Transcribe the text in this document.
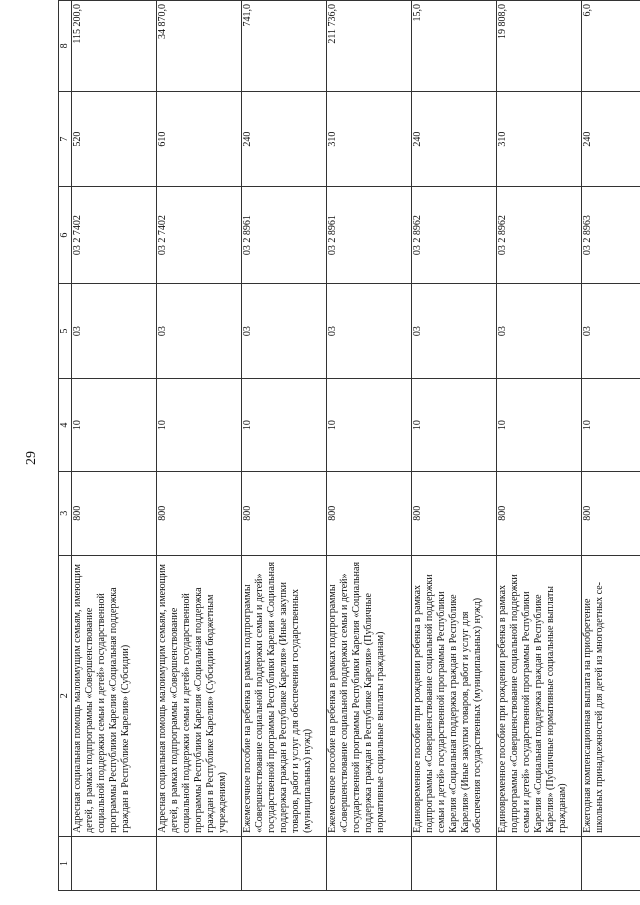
29
1	2	3	4	5	6	7	8
	Адресная социальная помощь малоимущим семьям, имеющим детей, в рамках подпрограммы «Совершенствование социальной поддержки семьи и детей» государственной программы Республики Карелия «Социальная поддержка граждан в Республике Карелия» (Субсидии)	800	10	03	03 2 7402	520	115 200,0
	Адресная социальная помощь малоимущим семьям, имеющим детей, в рамках подпрограммы «Совершенствование социальной поддержки семьи и детей» государственной программы Республики Карелия «Социальная поддержка граждан в Республике Карелия» (Субсидии бюджетным учреждениям)	800	10	03	03 2 7402	610	34 870,0
	Ежемесячное пособие на ребенка в рамках подпрограммы «Совершенствование социальной поддержки семьи и детей» государственной программы Республики Карелия «Социальная поддержка граждан в Республике Карелия» (Иные закупки товаров, работ и услуг для обеспечения государственных (муниципальных) нужд)	800	10	03	03 2 8961	240	741,0
	Ежемесячное пособие на ребенка в рамках подпрограммы «Совершенствование социальной поддержки семьи и детей» государственной программы Республики Карелия «Социальная поддержка граждан в Республике Карелия» (Публичные нормативные социальные выплаты гражданам)	800	10	03	03 2 8961	310	211 736,0
	Единовременное пособие при рождении ребенка в рамках подпрограммы «Совершенствование социальной поддержки семьи и детей» государственной программы Республики Карелия «Социальная поддержка граждан в Республике Карелия» (Иные закупки товаров, работ и услуг для обеспечения государственных (муниципальных) нужд)	800	10	03	03 2 8962	240	15,0
	Единовременное пособие при рождении ребенка в рамках подпрограммы «Совершенствование социальной поддержки семьи и детей» государственной программы Республики Карелия «Социальная поддержка граждан в Республике Карелия» (Публичные нормативные социальные выплаты гражданам)	800	10	03	03 2 8962	310	19 808,0
	Ежегодная компенсационная выплата на приобретение школьных принадлежностей для детей из многодетных се-	800	10	03	03 2 8963	240	6,0
